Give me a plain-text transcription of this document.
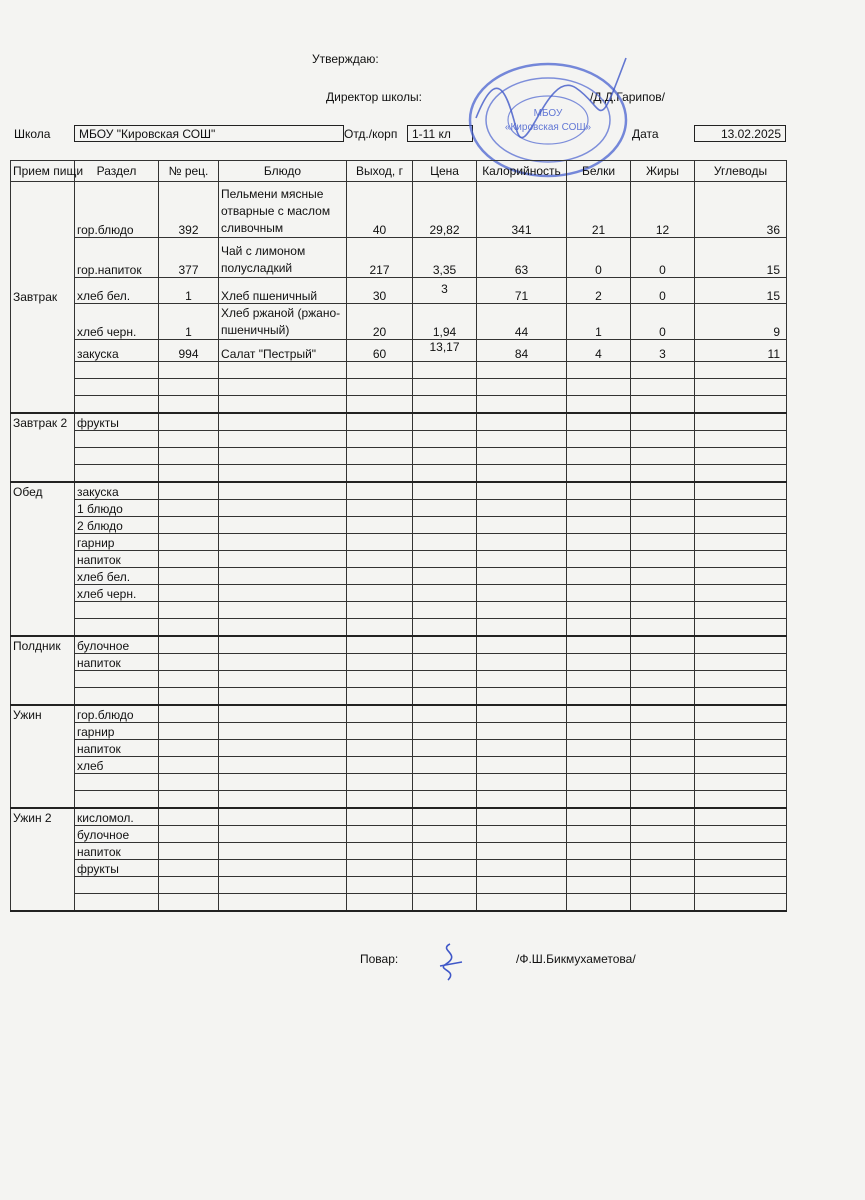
Утверждаю:
Директор школы:	/Д.Д.Гарипов/
Школа	МБОУ "Кировская СОШ"	Отд./корп	1-11 кл	Дата	13.02.2025
МБОУ
«Кировская СОШ»
Прием пищи	Раздел	№ рец.	Блюдо	Выход, г	Цена	Калорийность	Белки	Жиры	Углеводы
Завтрак	гор.блюдо	392	Пельмени мясные отварные с маслом сливочным	40	29,82	341	21	12	36
	гор.напиток	377	Чай с лимоном полусладкий	217	3,35	63	0	0	15
	хлеб бел.	1	Хлеб пшеничный	30	3	71	2	0	15
	хлеб черн.	1	Хлеб ржаной (ржано-пшеничный)	20	1,94	44	1	0	9
	закуска	994	Салат "Пестрый"	60	13,17	84	4	3	11

Завтрак 2	фрукты								

Обед	закуска								
	1 блюдо								
	2 блюдо								
	гарнир								
	напиток								
	хлеб бел.								
	хлеб черн.								

Полдник	булочное								
	напиток								

Ужин	гор.блюдо								
	гарнир								
	напиток								
	хлеб								

Ужин 2	кисломол.								
	булочное								
	напиток								
	фрукты								

Повар:	/Ф.Ш.Бикмухаметова/
